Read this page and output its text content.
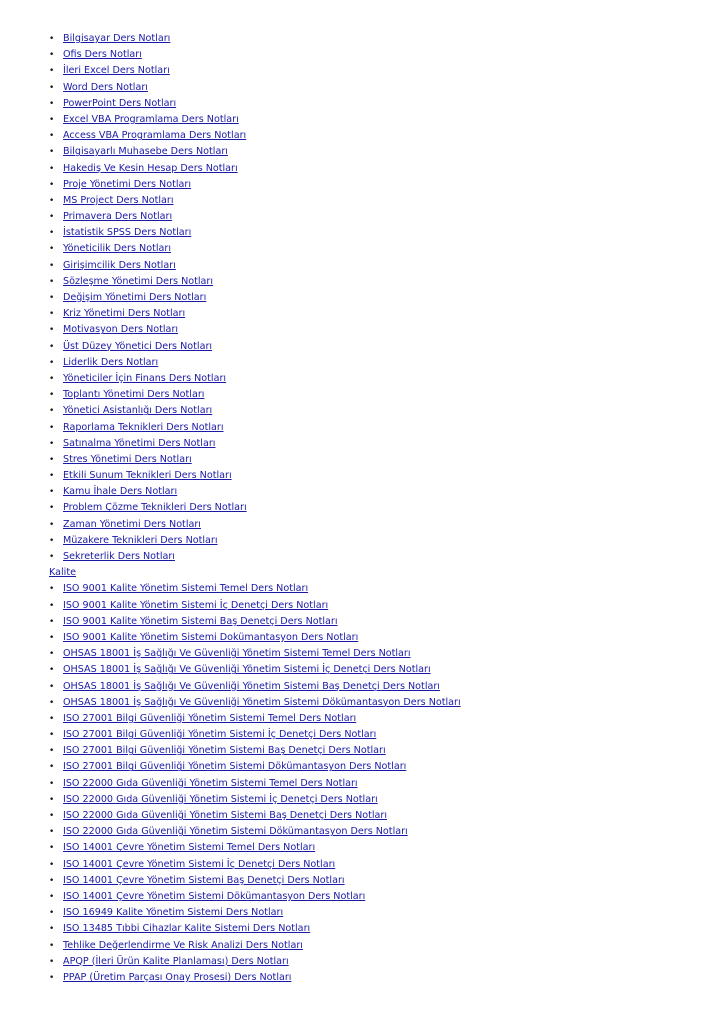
• Bilgisayar Ders Notları
• Ofis Ders Notları
• İleri Excel Ders Notları
• Word Ders Notları
• PowerPoint Ders Notları
• Excel VBA Programlama Ders Notları
• Access VBA Programlama Ders Notları
• Bilgisayarlı Muhasebe Ders Notları
• Hakediş Ve Kesin Hesap Ders Notları
• Proje Yönetimi Ders Notları
• MS Project Ders Notları
• Primavera Ders Notları
• İstatistik SPSS Ders Notları
• Yöneticilik Ders Notları
• Girişimcilik Ders Notları
• Sözleşme Yönetimi Ders Notları
• Değişim Yönetimi Ders Notları
• Kriz Yönetimi Ders Notları
• Motivasyon Ders Notları
• Üst Düzey Yönetici Ders Notları
• Liderlik Ders Notları
• Yöneticiler İçin Finans Ders Notları
• Toplantı Yönetimi Ders Notları
• Yönetici Asistanlığı Ders Notları
• Raporlama Teknikleri Ders Notları
• Satınalma Yönetimi Ders Notları
• Stres Yönetimi Ders Notları
• Etkili Sunum Teknikleri Ders Notları
• Kamu İhale Ders Notları
• Problem Çözme Teknikleri Ders Notları
• Zaman Yönetimi Ders Notları
• Müzakere Teknikleri Ders Notları
• Sekreterlik Ders Notları
Kalite
• ISO 9001 Kalite Yönetim Sistemi Temel Ders Notları
• ISO 9001 Kalite Yönetim Sistemi İç Denetçi Ders Notları
• ISO 9001 Kalite Yönetim Sistemi Baş Denetçi Ders Notları
• ISO 9001 Kalite Yönetim Sistemi Dokümantasyon Ders Notları
• OHSAS 18001 İş Sağlığı Ve Güvenliği Yönetim Sistemi Temel Ders Notları
• OHSAS 18001 İş Sağlığı Ve Güvenliği Yönetim Sistemi İç Denetçi Ders Notları
• OHSAS 18001 İş Sağlığı Ve Güvenliği Yönetim Sistemi Baş Denetçi Ders Notları
• OHSAS 18001 İş Sağlığı Ve Güvenliği Yönetim Sistemi Dökümantasyon Ders Notları
• ISO 27001 Bilgi Güvenliği Yönetim Sistemi Temel Ders Notları
• ISO 27001 Bilgi Güvenliği Yönetim Sistemi İç Denetçi Ders Notları
• ISO 27001 Bilgi Güvenliği Yönetim Sistemi Baş Denetçi Ders Notları
• ISO 27001 Bilgi Güvenliği Yönetim Sistemi Dökümantasyon Ders Notları
• ISO 22000 Gıda Güvenliği Yönetim Sistemi Temel Ders Notları
• ISO 22000 Gıda Güvenliği Yönetim Sistemi İç Denetçi Ders Notları
• ISO 22000 Gıda Güvenliği Yönetim Sistemi Baş Denetçi Ders Notları
• ISO 22000 Gıda Güvenliği Yönetim Sistemi Dökümantasyon Ders Notları
• ISO 14001 Çevre Yönetim Sistemi Temel Ders Notları
• ISO 14001 Çevre Yönetim Sistemi İç Denetçi Ders Notları
• ISO 14001 Çevre Yönetim Sistemi Baş Denetçi Ders Notları
• ISO 14001 Çevre Yönetim Sistemi Dökümantasyon Ders Notları
• ISO 16949 Kalite Yönetim Sistemi Ders Notları
• ISO 13485 Tıbbi Cihazlar Kalite Sistemi Ders Notları
• Tehlike Değerlendirme Ve Risk Analizi Ders Notları
• APQP (İleri Ürün Kalite Planlaması) Ders Notları
• PPAP (Üretim Parçası Onay Prosesi) Ders Notları
